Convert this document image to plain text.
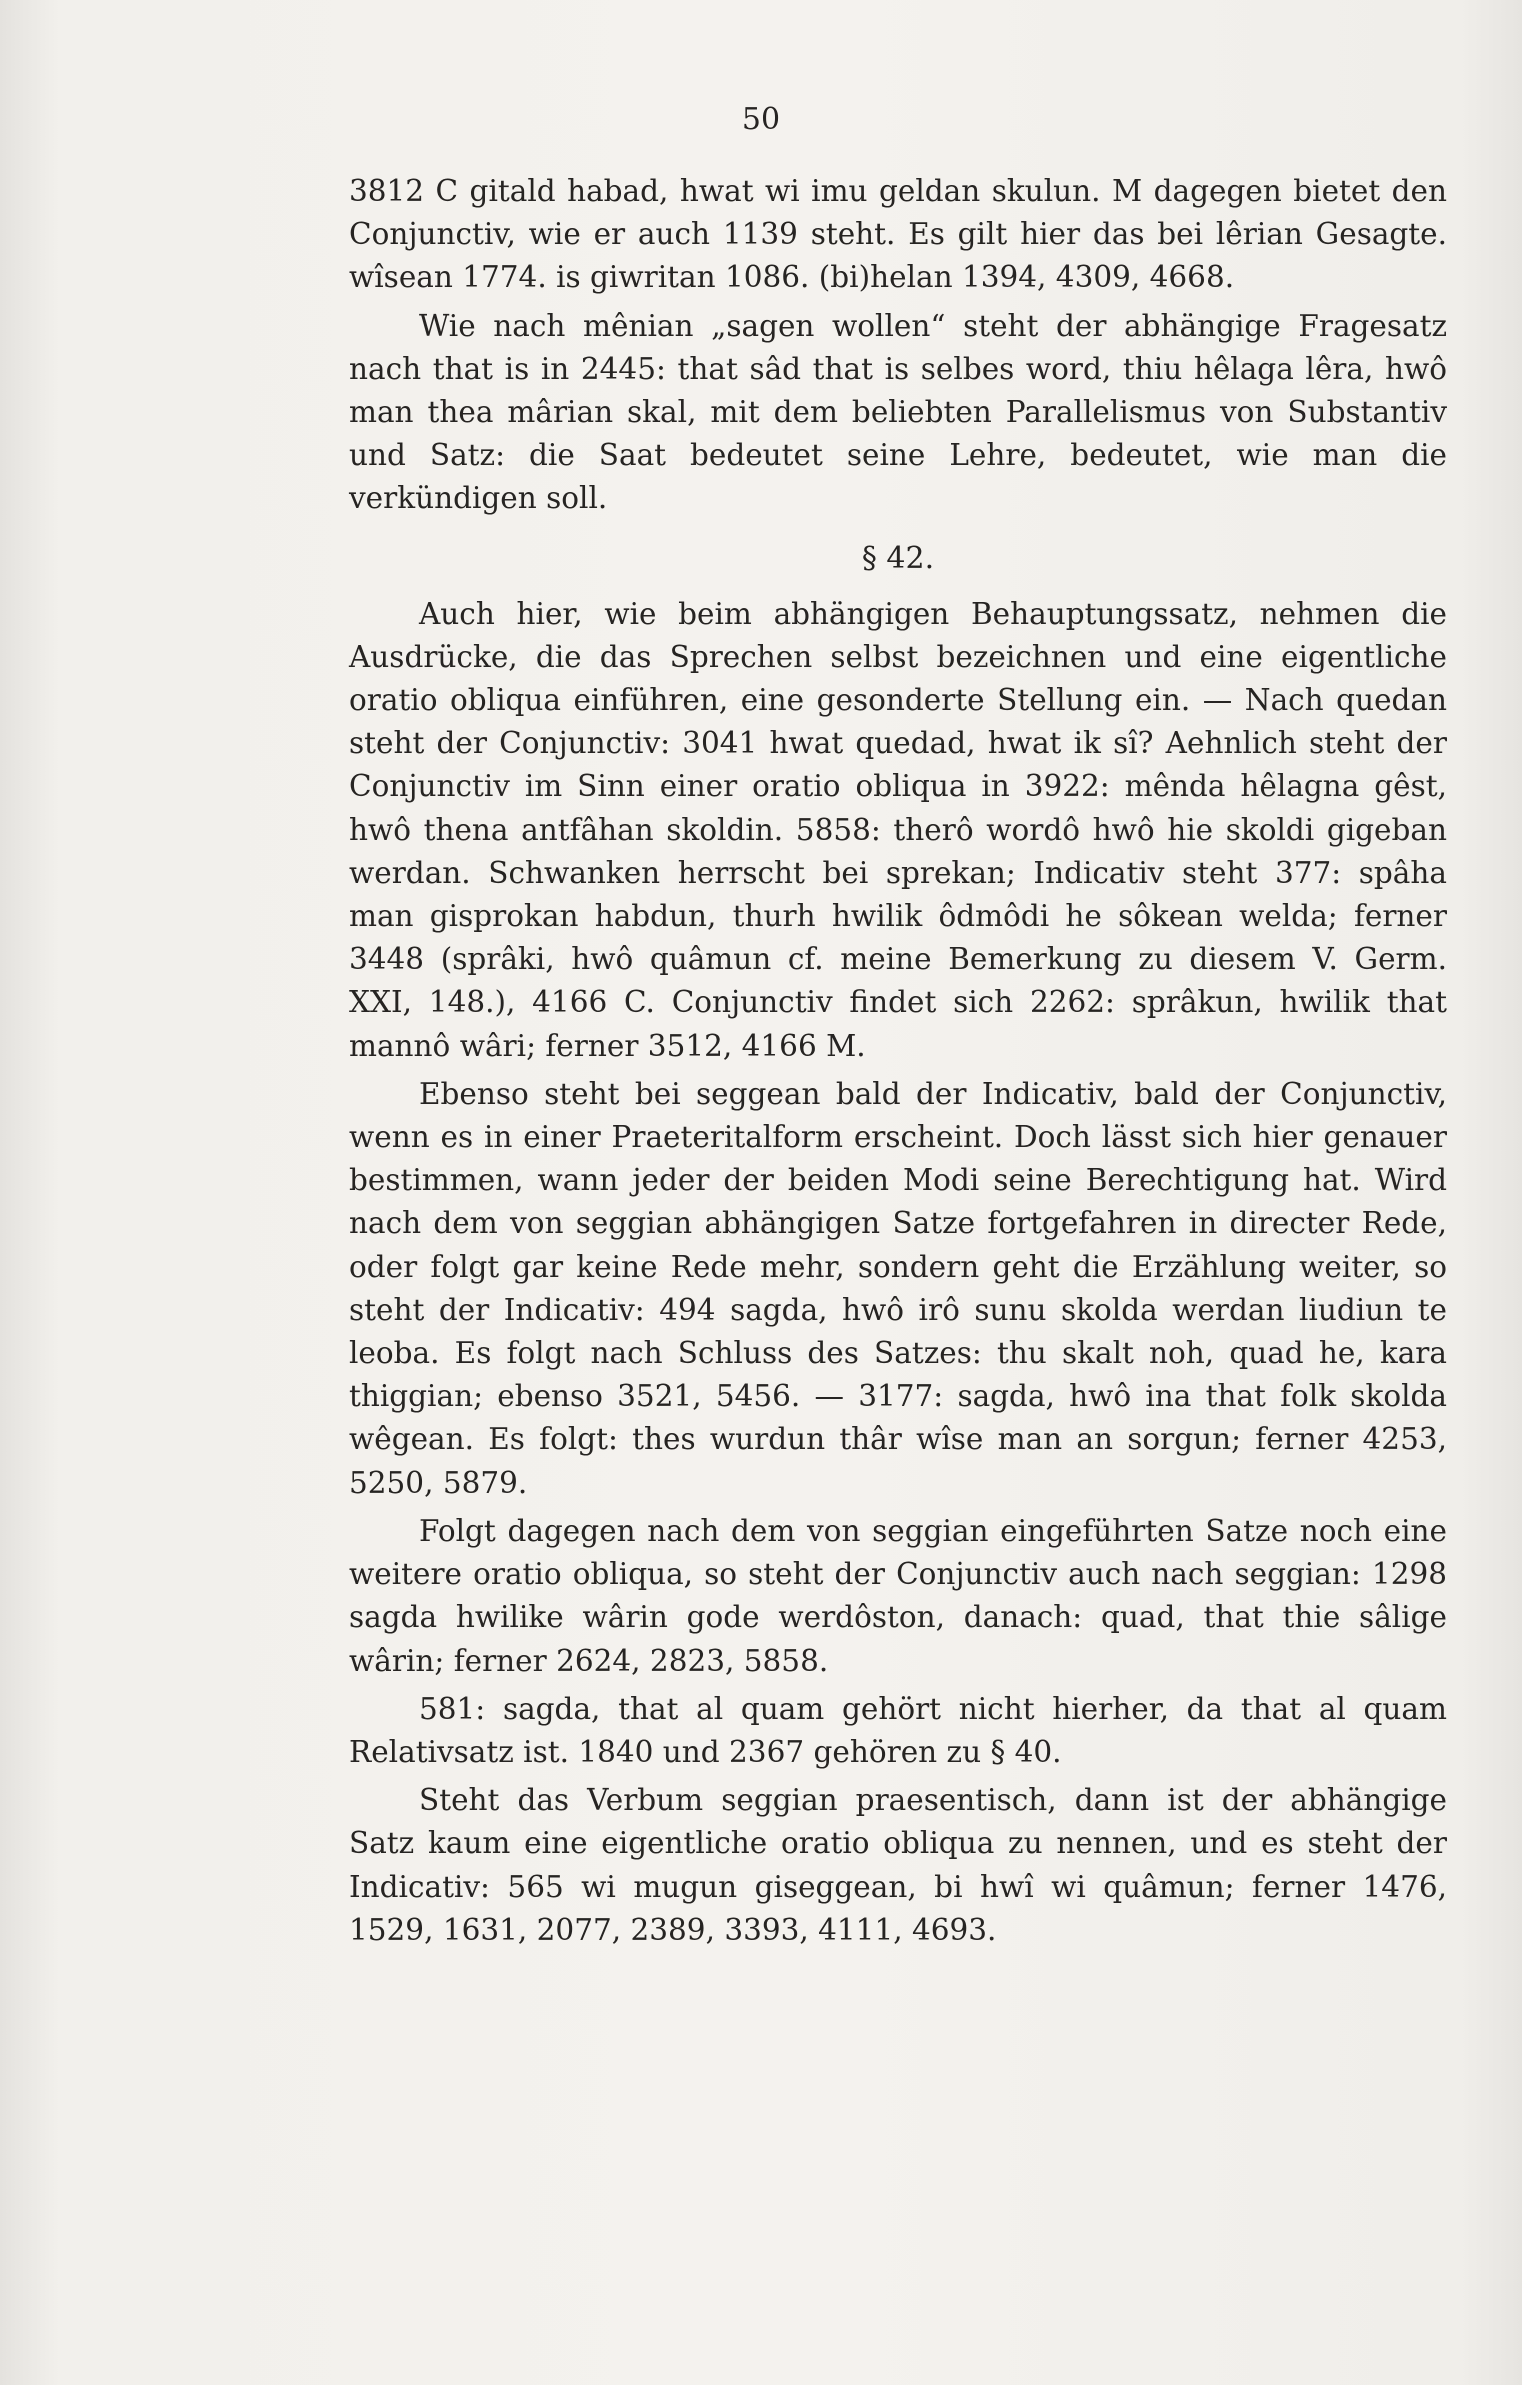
50

3812 C gitald habad, hwat wi imu geldan skulun. M dagegen bietet den Conjunctiv, wie er auch 1139 steht. Es gilt hier das bei lêrian Gesagte. wîsean 1774. is giwritan 1086. (bi)helan 1394, 4309, 4668.

Wie nach mênian „sagen wollen“ steht der abhängige Fragesatz nach that is in 2445: that sâd that is selbes word, thiu hêlaga lêra, hwô man thea mârian skal, mit dem beliebten Parallelismus von Substantiv und Satz: die Saat bedeutet seine Lehre, bedeutet, wie man die verkündigen soll.

§ 42.

Auch hier, wie beim abhängigen Behauptungssatz, nehmen die Ausdrücke, die das Sprechen selbst bezeichnen und eine eigentliche oratio obliqua einführen, eine gesonderte Stellung ein. — Nach quedan steht der Conjunctiv: 3041 hwat quedad, hwat ik sî? Aehnlich steht der Conjunctiv im Sinn einer oratio obliqua in 3922: mênda hêlagna gêst, hwô thena antfâhan skoldin. 5858: therô wordô hwô hie skoldi gigeban werdan. Schwanken herrscht bei sprekan; Indicativ steht 377: spâha man gisprokan habdun, thurh hwilik ôdmôdi he sôkean welda; ferner 3448 (sprâki, hwô quâmun cf. meine Bemerkung zu diesem V. Germ. XXI, 148.), 4166 C. Conjunctiv findet sich 2262: sprâkun, hwilik that mannô wâri; ferner 3512, 4166 M.

Ebenso steht bei seggean bald der Indicativ, bald der Conjunctiv, wenn es in einer Praeteritalform erscheint. Doch lässt sich hier genauer bestimmen, wann jeder der beiden Modi seine Berechtigung hat. Wird nach dem von seggian abhängigen Satze fortgefahren in directer Rede, oder folgt gar keine Rede mehr, sondern geht die Erzählung weiter, so steht der Indicativ: 494 sagda, hwô irô sunu skolda werdan liudiun te leoba. Es folgt nach Schluss des Satzes: thu skalt noh, quad he, kara thiggian; ebenso 3521, 5456. — 3177: sagda, hwô ina that folk skolda wêgean. Es folgt: thes wurdun thâr wîse man an sorgun; ferner 4253, 5250, 5879.

Folgt dagegen nach dem von seggian eingeführten Satze noch eine weitere oratio obliqua, so steht der Conjunctiv auch nach seggian: 1298 sagda hwilike wârin gode werdôston, danach: quad, that thie sâlige wârin; ferner 2624, 2823, 5858.

581: sagda, that al quam gehört nicht hierher, da that al quam Relativsatz ist. 1840 und 2367 gehören zu § 40.

Steht das Verbum seggian praesentisch, dann ist der abhängige Satz kaum eine eigentliche oratio obliqua zu nennen, und es steht der Indicativ: 565 wi mugun giseggean, bi hwî wi quâmun; ferner 1476, 1529, 1631, 2077, 2389, 3393, 4111, 4693.
